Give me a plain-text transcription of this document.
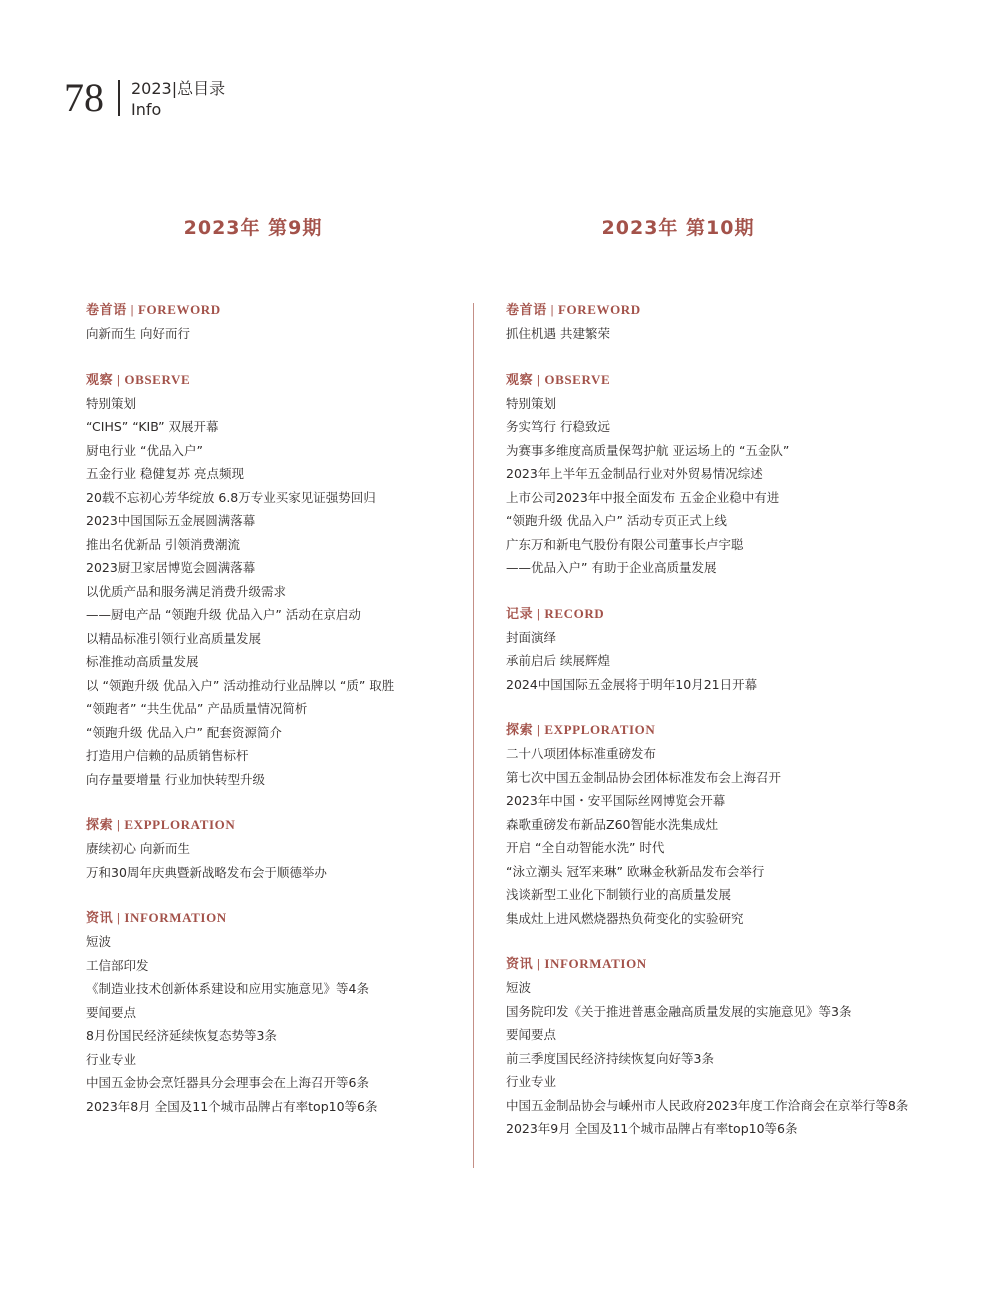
78 2023|总目录
Info
2023年 第9期	2023年 第10期
卷首语 | FOREWORD
向新而生 向好而行
观察 | OBSERVE
特别策划
“CIHS” “KIB” 双展开幕
厨电行业 “优品入户”
五金行业 稳健复苏 亮点频现
20载不忘初心芳华绽放 6.8万专业买家见证强势回归
2023中国国际五金展圆满落幕
推出名优新品 引领消费潮流
2023厨卫家居博览会圆满落幕
以优质产品和服务满足消费升级需求
——厨电产品 “领跑升级 优品入户” 活动在京启动
以精品标准引领行业高质量发展
标准推动高质量发展
以 “领跑升级 优品入户” 活动推动行业品牌以 “质” 取胜
“领跑者” “共生优品” 产品质量情况简析
“领跑升级 优品入户” 配套资源简介
打造用户信赖的品质销售标杆
向存量要增量 行业加快转型升级
探索 | EXPPLORATION
赓续初心 向新而生
万和30周年庆典暨新战略发布会于顺德举办
资讯 | INFORMATION
短波
工信部印发
《制造业技术创新体系建设和应用实施意见》等4条
要闻要点
8月份国民经济延续恢复态势等3条
行业专业
中国五金协会烹饪器具分会理事会在上海召开等6条
2023年8月 全国及11个城市品牌占有率top10等6条
卷首语 | FOREWORD
抓住机遇 共建繁荣
观察 | OBSERVE
特别策划
务实笃行 行稳致远
为赛事多维度高质量保驾护航 亚运场上的 “五金队”
2023年上半年五金制品行业对外贸易情况综述
上市公司2023年中报全面发布 五金企业稳中有进
“领跑升级 优品入户” 活动专页正式上线
广东万和新电气股份有限公司董事长卢宇聪
——优品入户” 有助于企业高质量发展
记录 | RECORD
封面演绎
承前启后 续展辉煌
2024中国国际五金展将于明年10月21日开幕
探索 | EXPPLORATION
二十八项团体标准重磅发布
第七次中国五金制品协会团体标准发布会上海召开
2023年中国・安平国际丝网博览会开幕
森歌重磅发布新品Z60智能水洗集成灶
开启 “全自动智能水洗” 时代
“泳立潮头 冠军来琳” 欧琳金秋新品发布会举行
浅谈新型工业化下制锁行业的高质量发展
集成灶上进风燃烧器热负荷变化的实验研究
资讯 | INFORMATION
短波
国务院印发《关于推进普惠金融高质量发展的实施意见》等3条
要闻要点
前三季度国民经济持续恢复向好等3条
行业专业
中国五金制品协会与嵊州市人民政府2023年度工作洽商会在京举行等8条
2023年9月 全国及11个城市品牌占有率top10等6条
